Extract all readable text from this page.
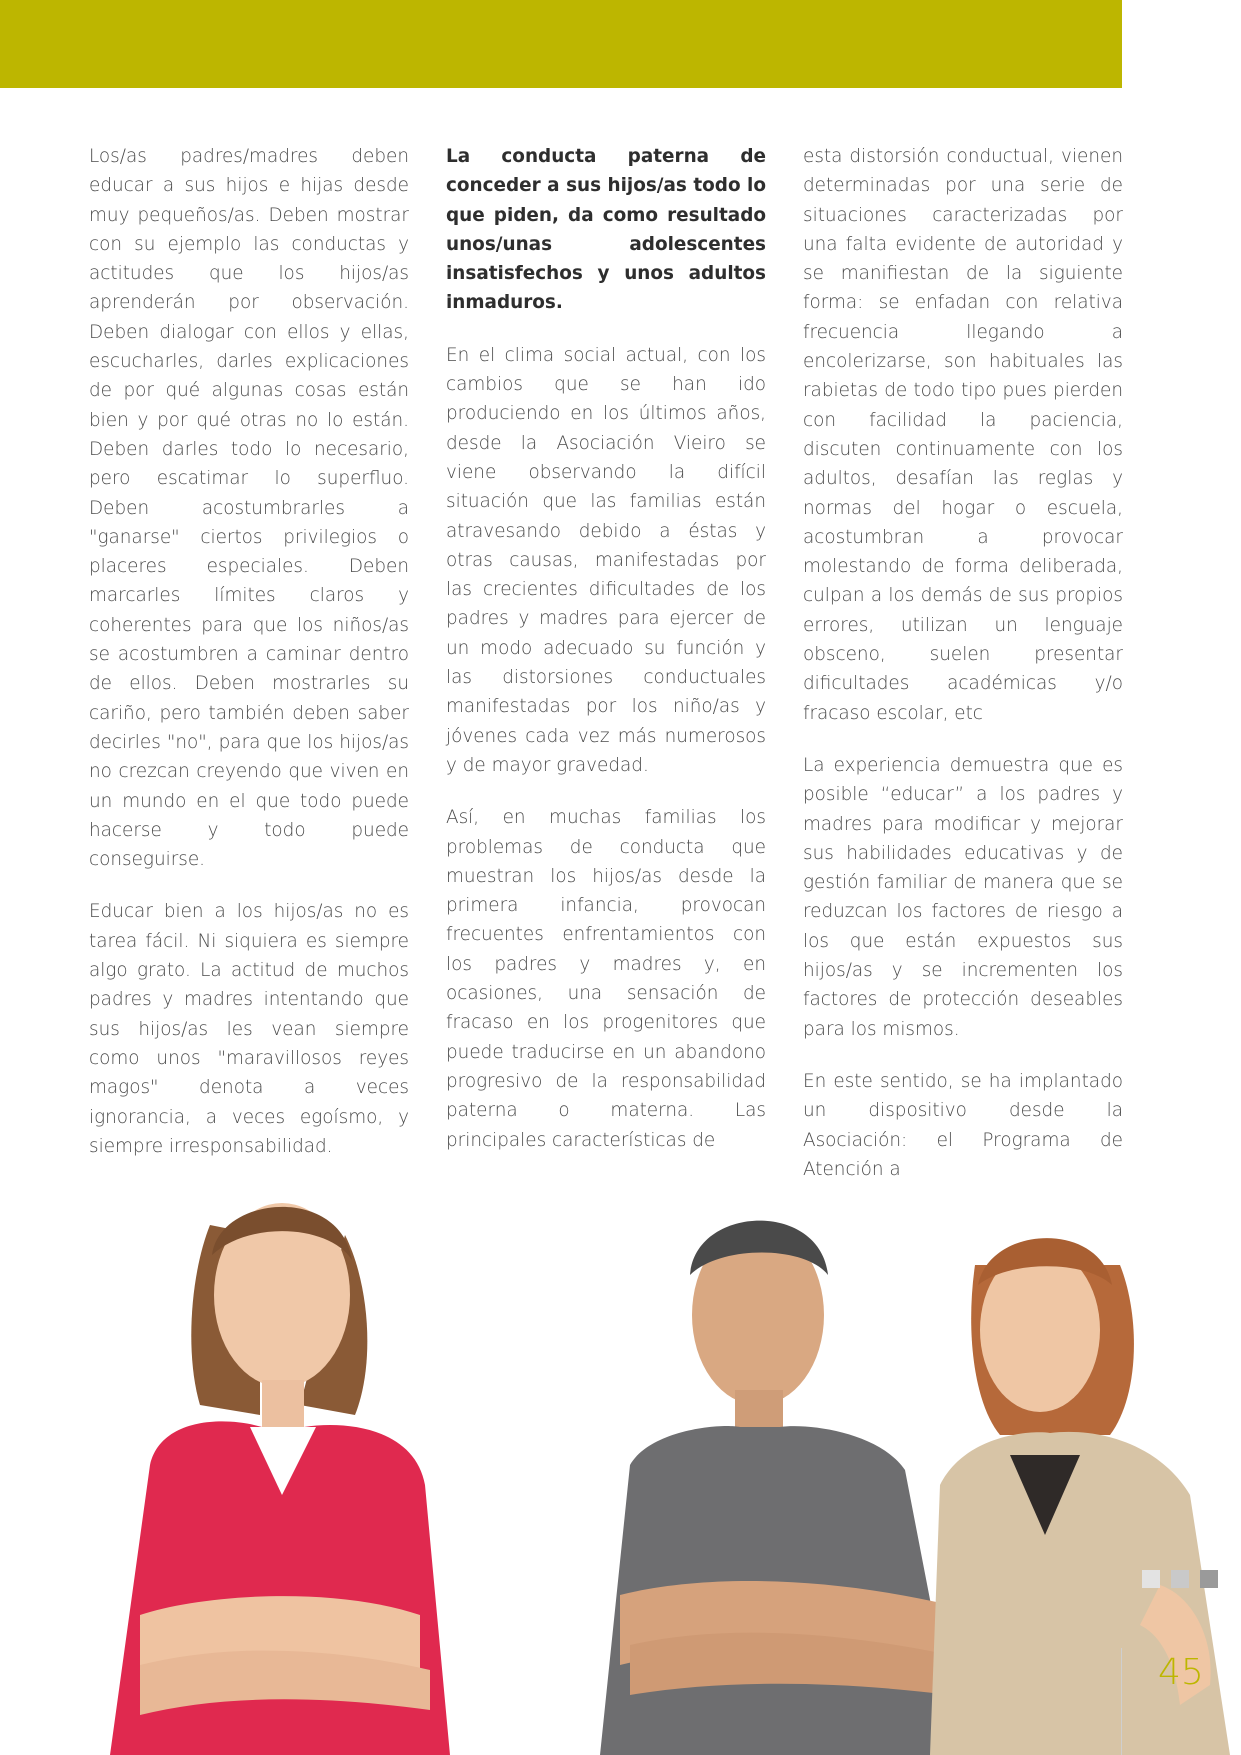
Los/as padres/madres deben educar a sus hijos e hijas desde muy pequeños/as. Deben mostrar con su ejemplo las conductas y actitudes que los hijos/as aprenderán por observación. Deben dialogar con ellos y ellas, escucharles, darles explicaciones de por qué algunas cosas están bien y por qué otras no lo están. Deben darles todo lo necesario, pero escatimar lo superfluo. Deben acostumbrarles a "ganarse" ciertos privilegios o placeres especiales. Deben marcarles límites claros y coherentes para que los niños/as se acostumbren a caminar dentro de ellos. Deben mostrarles su cariño, pero también deben saber decirles "no", para que los hijos/as no crezcan creyendo que viven en un mundo en el que todo puede hacerse y todo puede conseguirse.

Educar bien a los hijos/as no es tarea fácil. Ni siquiera es siempre algo grato. La actitud de muchos padres y madres intentando que sus hijos/as les vean siempre como unos "maravillosos reyes magos" denota a veces ignorancia, a veces egoísmo, y siempre irresponsabilidad.

La conducta paterna de conceder a sus hijos/as todo lo que piden, da como resultado unos/unas adolescentes insatisfechos y unos adultos inmaduros.

En el clima social actual, con los cambios que se han ido produciendo en los últimos años, desde la Asociación Vieiro se viene observando la difícil situación que las familias están atravesando debido a éstas y otras causas, manifestadas por las crecientes dificultades de los padres y madres para ejercer de un modo adecuado su función y las distorsiones conductuales manifestadas por los niño/as y jóvenes cada vez más numerosos y de mayor gravedad.

Así, en muchas familias los problemas de conducta que muestran los hijos/as desde la primera infancia, provocan frecuentes enfrentamientos con los padres y madres y, en ocasiones, una sensación de fracaso en los progenitores que puede traducirse en un abandono progresivo de la responsabilidad paterna o materna. Las principales características de

esta distorsión conductual, vienen determinadas por una serie de situaciones caracterizadas por una falta evidente de autoridad y se manifiestan de la siguiente forma: se enfadan con relativa frecuencia llegando a encolerizarse, son habituales las rabietas de todo tipo pues pierden con facilidad la paciencia, discuten continuamente con los adultos, desafían las reglas y normas del hogar o escuela, acostumbran a provocar molestando de forma deliberada, culpan a los demás de sus propios errores, utilizan un lenguaje obsceno, suelen presentar dificultades académicas y/o fracaso escolar, etc

La experiencia demuestra que es posible “educar” a los padres y madres para modificar y mejorar sus habilidades educativas y de gestión familiar de manera que se reduzcan los factores de riesgo a los que están expuestos sus hijos/as y se incrementen los factores de protección deseables para los mismos.

En este sentido, se ha implantado un dispositivo desde la Asociación: el Programa de Atención a

45
